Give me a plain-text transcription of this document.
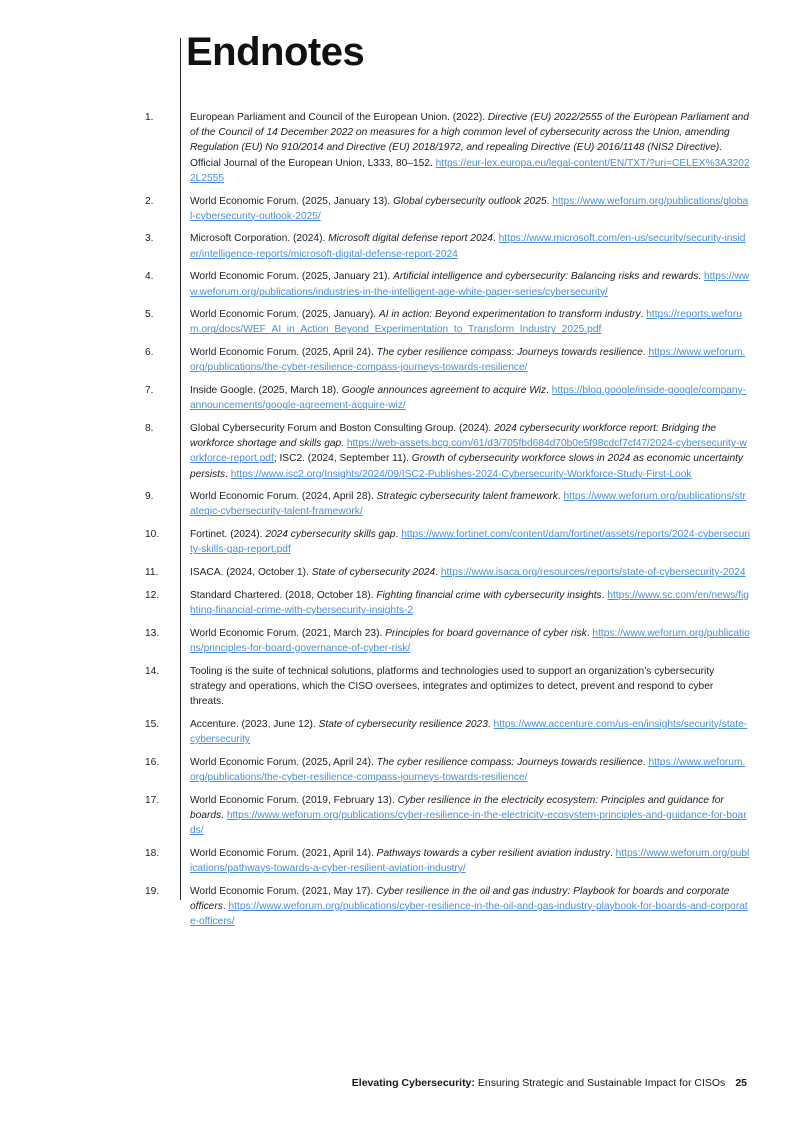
Endnotes
1.	European Parliament and Council of the European Union. (2022). Directive (EU) 2022/2555 of the European Parliament and of the Council of 14 December 2022 on measures for a high common level of cybersecurity across the Union, amending Regulation (EU) No 910/2014 and Directive (EU) 2018/1972, and repealing Directive (EU) 2016/1148 (NIS2 Directive). Official Journal of the European Union, L333, 80–152. https://eur-lex.europa.eu/legal-content/EN/TXT/?uri=CELEX%3A32022L2555
2.	World Economic Forum. (2025, January 13). Global cybersecurity outlook 2025. https://www.weforum.org/publications/global-cybersecurity-outlook-2025/
3.	Microsoft Corporation. (2024). Microsoft digital defense report 2024. https://www.microsoft.com/en-us/security/security-insider/intelligence-reports/microsoft-digital-defense-report-2024
4.	World Economic Forum. (2025, January 21). Artificial intelligence and cybersecurity: Balancing risks and rewards. https://www.weforum.org/publications/industries-in-the-intelligent-age-white-paper-series/cybersecurity/
5.	World Economic Forum. (2025, January). AI in action: Beyond experimentation to transform industry. https://reports.weforum.org/docs/WEF_AI_in_Action_Beyond_Experimentation_to_Transform_Industry_2025.pdf
6.	World Economic Forum. (2025, April 24). The cyber resilience compass: Journeys towards resilience. https://www.weforum.org/publications/the-cyber-resilience-compass-journeys-towards-resilience/
7.	Inside Google. (2025, March 18). Google announces agreement to acquire Wiz. https://blog.google/inside-google/company-announcements/google-agreement-acquire-wiz/
8.	Global Cybersecurity Forum and Boston Consulting Group. (2024). 2024 cybersecurity workforce report: Bridging the workforce shortage and skills gap. https://web-assets.bcg.com/61/d3/705fbd684d70b0e5f98cdcf7cf47/2024-cybersecurity-workforce-report.pdf; ISC2. (2024, September 11). Growth of cybersecurity workforce slows in 2024 as economic uncertainty persists. https://www.isc2.org/Insights/2024/09/ISC2-Publishes-2024-Cybersecurity-Workforce-Study-First-Look
9.	World Economic Forum. (2024, April 28). Strategic cybersecurity talent framework. https://www.weforum.org/publications/strategic-cybersecurity-talent-framework/
10.	Fortinet. (2024). 2024 cybersecurity skills gap. https://www.fortinet.com/content/dam/fortinet/assets/reports/2024-cybersecurity-skills-gap-report.pdf
11.	ISACA. (2024, October 1). State of cybersecurity 2024. https://www.isaca.org/resources/reports/state-of-cybersecurity-2024
12.	Standard Chartered. (2018, October 18). Fighting financial crime with cybersecurity insights. https://www.sc.com/en/news/fighting-financial-crime-with-cybersecurity-insights-2
13.	World Economic Forum. (2021, March 23). Principles for board governance of cyber risk. https://www.weforum.org/publications/principles-for-board-governance-of-cyber-risk/
14.	Tooling is the suite of technical solutions, platforms and technologies used to support an organization’s cybersecurity strategy and operations, which the CISO oversees, integrates and optimizes to detect, prevent and respond to cyber threats.
15.	Accenture. (2023, June 12). State of cybersecurity resilience 2023. https://www.accenture.com/us-en/insights/security/state-cybersecurity
16.	World Economic Forum. (2025, April 24). The cyber resilience compass: Journeys towards resilience. https://www.weforum.org/publications/the-cyber-resilience-compass-journeys-towards-resilience/
17.	World Economic Forum. (2019, February 13). Cyber resilience in the electricity ecosystem: Principles and guidance for boards. https://www.weforum.org/publications/cyber-resilience-in-the-electricity-ecosystem-principles-and-guidance-for-boards/
18.	World Economic Forum. (2021, April 14). Pathways towards a cyber resilient aviation industry. https://www.weforum.org/publications/pathways-towards-a-cyber-resilient-aviation-industry/
19.	World Economic Forum. (2021, May 17). Cyber resilience in the oil and gas industry: Playbook for boards and corporate officers. https://www.weforum.org/publications/cyber-resilience-in-the-oil-and-gas-industry-playbook-for-boards-and-corporate-officers/
Elevating Cybersecurity: Ensuring Strategic and Sustainable Impact for CISOs 25
